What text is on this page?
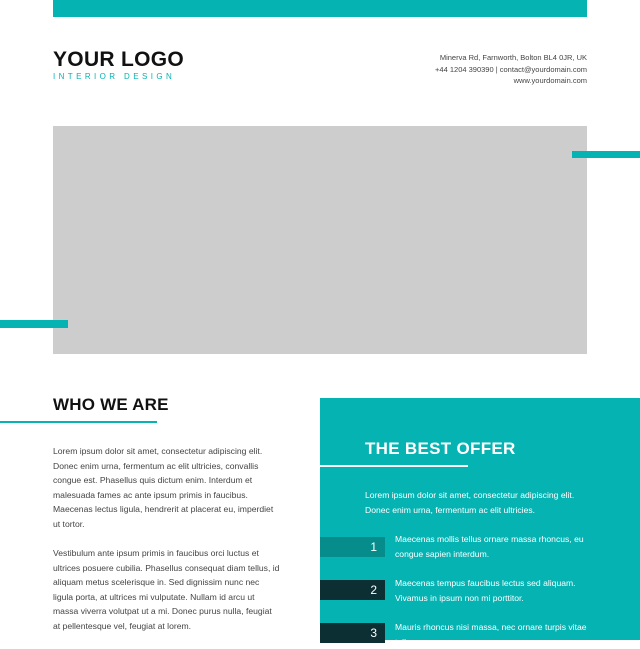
YOUR LOGO
INTERIOR DESIGN
Minerva Rd, Farnworth, Bolton BL4 0JR, UK
+44 1204 390390 | contact@yourdomain.com
www.yourdomain.com
WHO WE ARE

Lorem ipsum dolor sit amet, consectetur adipiscing elit. Donec enim urna, fermentum ac elit ultricies, convallis congue est. Phasellus quis dictum enim. Interdum et malesuada fames ac ante ipsum primis in faucibus. Maecenas lectus ligula, hendrerit at placerat eu, imperdiet ut tortor.

Vestibulum ante ipsum primis in faucibus orci luctus et ultrices posuere cubilia. Phasellus consequat diam tellus, id aliquam metus scelerisque in. Sed dignissim nunc nec ligula porta, at ultrices mi vulputate. Nullam id arcu ut massa viverra volutpat ut a mi. Donec purus nulla, feugiat at pellentesque vel, feugiat at lorem.

THE BEST OFFER

Lorem ipsum dolor sit amet, consectetur adipiscing elit. Donec enim urna, fermentum ac elit ultricies.

1

Maecenas mollis tellus ornare massa rhoncus, eu congue sapien interdum.

2	Maecenas tempus faucibus lectus sed aliquam. Vivamus in ipsum non mi porttitor.

3	Mauris rhoncus nisi massa, nec ornare turpis vitae tellus.
